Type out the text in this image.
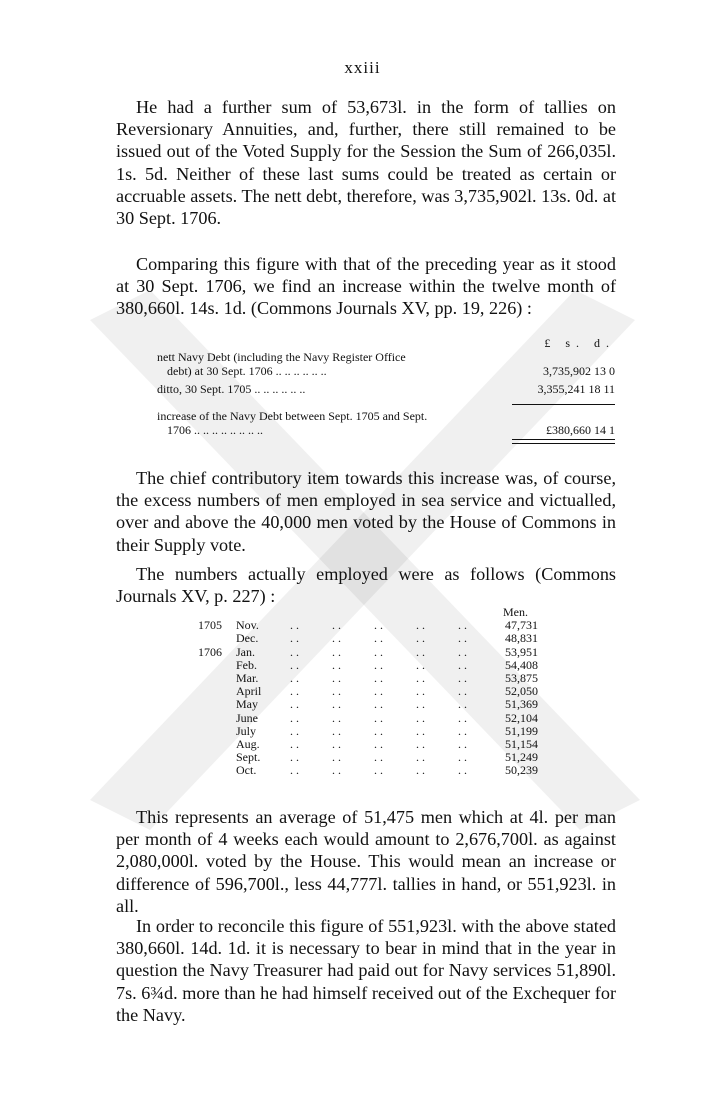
xxiii
He had a further sum of 53,673l. in the form of tallies on Reversionary Annuities, and, further, there still remained to be issued out of the Voted Supply for the Session the Sum of 266,035l. 1s. 5d. Neither of these last sums could be treated as certain or accruable assets. The nett debt, therefore, was 3,735,902l. 13s. 0d. at 30 Sept. 1706.
Comparing this figure with that of the preceding year as it stood at 30 Sept. 1706, we find an increase within the twelve month of 380,660l. 14s. 1d. (Commons Journals XV, pp. 19, 226) :
£ s. d.
nett Navy Debt (including the Navy Register Office
debt) at 30 Sept. 1706 .. .. .. .. .. ..	3,735,902 13 0
ditto, 30 Sept. 1705 .. .. .. .. .. ..	3,355,241 18 11
increase of the Navy Debt between Sept. 1705 and Sept.
1706 .. .. .. .. .. .. .. ..	£380,660 14 1
The chief contributory item towards this increase was, of course, the excess numbers of men employed in sea service and victualled, over and above the 40,000 men voted by the House of Commons in their Supply vote.
The numbers actually employed were as follows (Commons Journals XV, p. 227) :
Men.
1705 Nov.	..     ..     ..     ..     ..	47,731
Dec.	..     ..     ..     ..     ..	48,831
1706 Jan.	..     ..     ..     ..     ..	53,951
Feb.	..     ..     ..     ..     ..	54,408
Mar.	..     ..     ..     ..     ..	53,875
April ..     ..     ..     ..     ..	52,050
May	..     ..     ..     ..     ..	51,369
June	..     ..     ..     ..     ..	52,104
July	..     ..     ..     ..     ..	51,199
Aug.	..     ..     ..     ..     ..	51,154
Sept. ..     ..     ..     ..     ..	51,249
Oct.	..     ..     ..     ..     ..	50,239
This represents an average of 51,475 men which at 4l. per man per month of 4 weeks each would amount to 2,676,700l. as against 2,080,000l. voted by the House. This would mean an increase or difference of 596,700l., less 44,777l. tallies in hand, or 551,923l. in all.
In order to reconcile this figure of 551,923l. with the above stated 380,660l. 14d. 1d. it is necessary to bear in mind that in the year in question the Navy Treasurer had paid out for Navy services 51,890l. 7s. 6¾d. more than he had himself received out of the Exchequer for the Navy.
